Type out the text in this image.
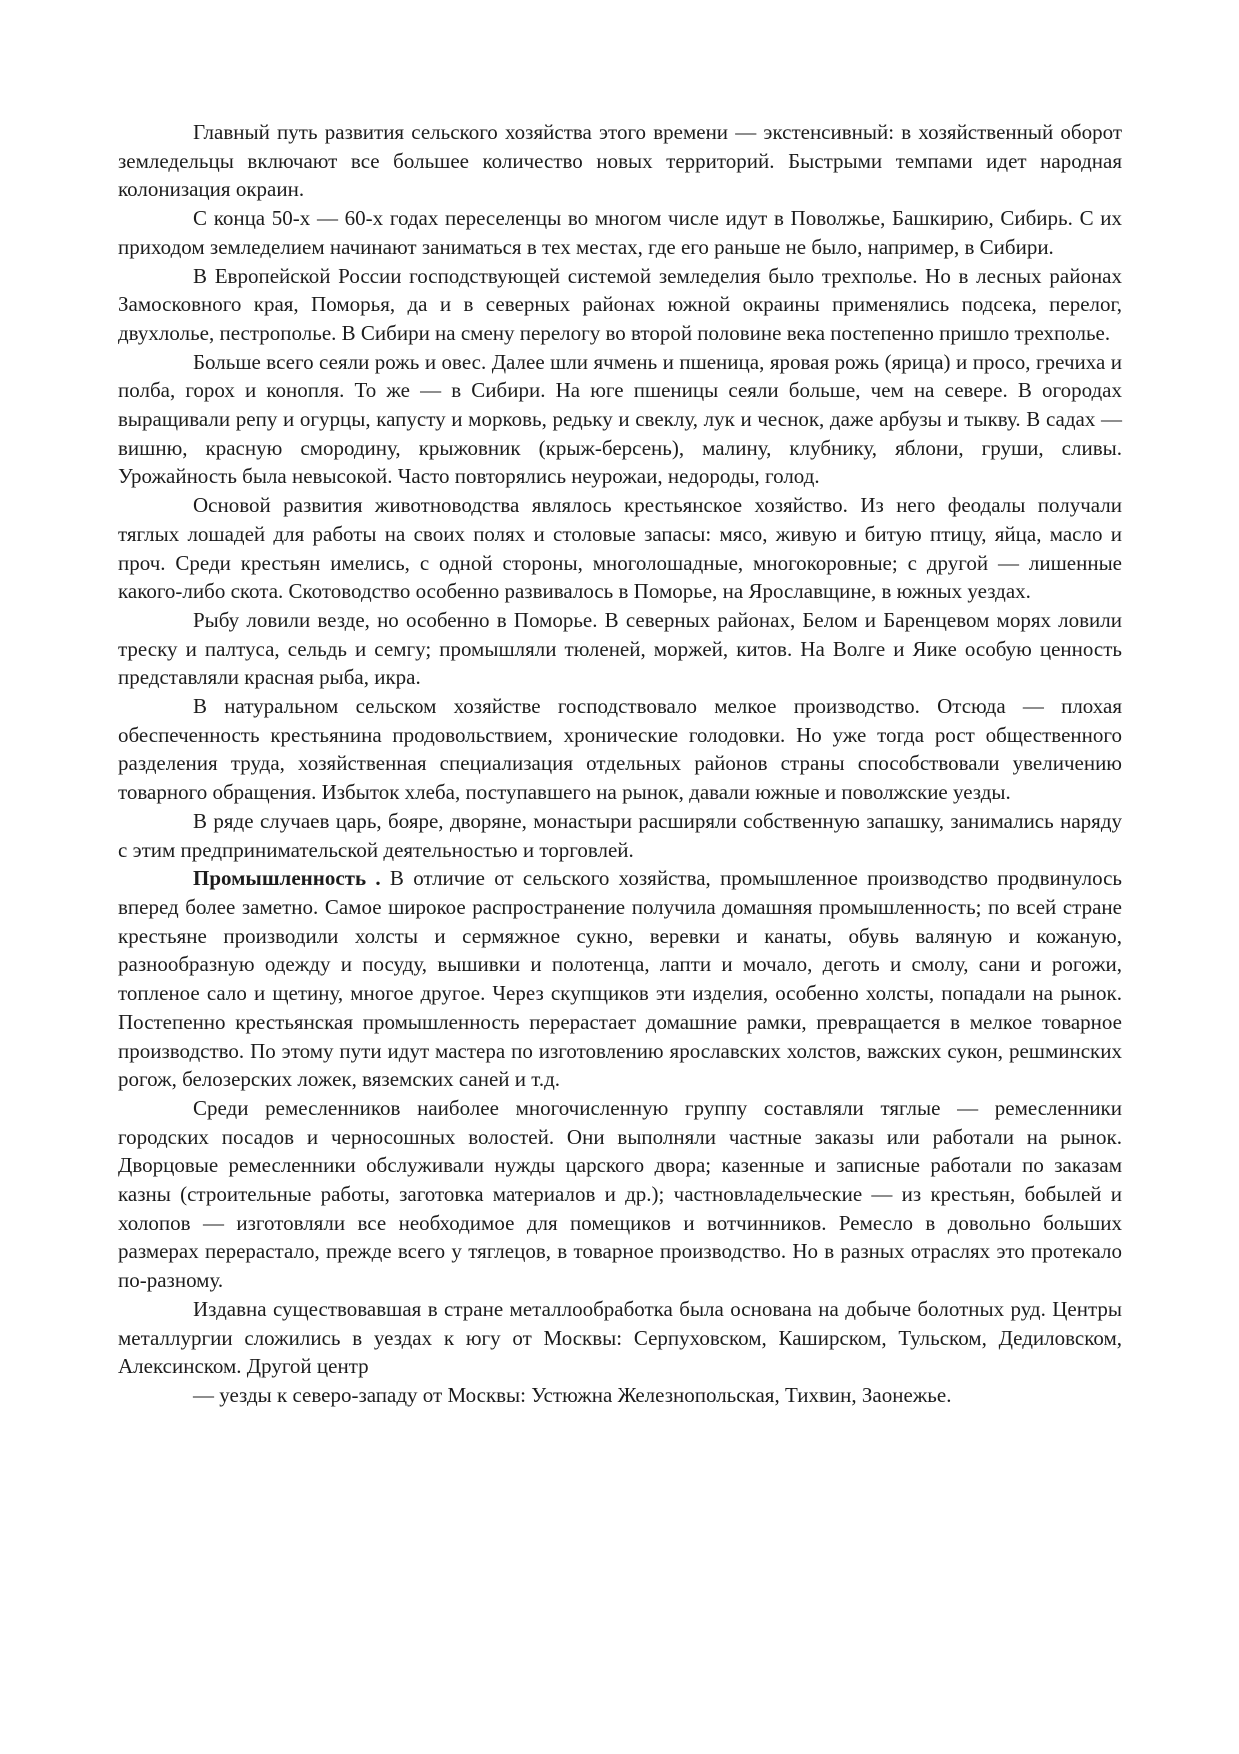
Главный путь развития сельского хозяйства этого времени — экстенсивный: в хозяйственный оборот земледельцы включают все большее количество новых территорий. Быстрыми темпами идет народная колонизация окраин.

С конца 50-х — 60-х годах переселенцы во многом числе идут в Поволжье, Башкирию, Сибирь. С их приходом земледелием начинают заниматься в тех местах, где его раньше не было, например, в Сибири.

В Европейской России господствующей системой земледелия было трехполье. Но в лесных районах Замосковного края, Поморья, да и в северных районах южной окраины применялись подсека, перелог, двухлолье, пестрополье. В Сибири на смену перелогу во второй половине века постепенно пришло трехполье.

Больше всего сеяли рожь и овес. Далее шли ячмень и пшеница, яровая рожь (ярица) и просо, гречиха и полба, горох и конопля. То же — в Сибири. На юге пшеницы сеяли больше, чем на севере. В огородах выращивали репу и огурцы, капусту и морковь, редьку и свеклу, лук и чеснок, даже арбузы и тыкву. В садах — вишню, красную смородину, крыжовник (крыж-берсень), малину, клубнику, яблони, груши, сливы. Урожайность была невысокой. Часто повторялись неурожаи, недороды, голод.

Основой развития животноводства являлось крестьянское хозяйство. Из него феодалы получали тяглых лошадей для работы на своих полях и столовые запасы: мясо, живую и битую птицу, яйца, масло и проч. Среди крестьян имелись, с одной стороны, многолошадные, многокоровные; с другой — лишенные какого-либо скота. Скотоводство особенно развивалось в Поморье, на Ярославщине, в южных уездах.

Рыбу ловили везде, но особенно в Поморье. В северных районах, Белом и Баренцевом морях ловили треску и палтуса, сельдь и семгу; промышляли тюленей, моржей, китов. На Волге и Яике особую ценность представляли красная рыба, икра.

В натуральном сельском хозяйстве господствовало мелкое производство. Отсюда — плохая обеспеченность крестьянина продовольствием, хронические голодовки. Но уже тогда рост общественного разделения труда, хозяйственная специализация отдельных районов страны способствовали увеличению товарного обращения. Избыток хлеба, поступавшего на рынок, давали южные и поволжские уезды.

В ряде случаев царь, бояре, дворяне, монастыри расширяли собственную запашку, занимались наряду с этим предпринимательской деятельностью и торговлей.

Промышленность . В отличие от сельского хозяйства, промышленное производство продвинулось вперед более заметно. Самое широкое распространение получила домашняя промышленность; по всей стране крестьяне производили холсты и сермяжное сукно, веревки и канаты, обувь валяную и кожаную, разнообразную одежду и посуду, вышивки и полотенца, лапти и мочало, деготь и смолу, сани и рогожи, топленое сало и щетину, многое другое. Через скупщиков эти изделия, особенно холсты, попадали на рынок. Постепенно крестьянская промышленность перерастает домашние рамки, превращается в мелкое товарное производство. По этому пути идут мастера по изготовлению ярославских холстов, важских сукон, решминских рогож, белозерских ложек, вяземских саней и т.д.

Среди ремесленников наиболее многочисленную группу составляли тяглые — ремесленники городских посадов и черносошных волостей. Они выполняли частные заказы или работали на рынок. Дворцовые ремесленники обслуживали нужды царского двора; казенные и записные работали по заказам казны (строительные работы, заготовка материалов и др.); частновладельческие — из крестьян, бобылей и холопов — изготовляли все необходимое для помещиков и вотчинников. Ремесло в довольно больших размерах перерастало, прежде всего у тяглецов, в товарное производство. Но в разных отраслях это протекало по-разному.

Издавна существовавшая в стране металлообработка была основана на добыче болотных руд. Центры металлургии сложились в уездах к югу от Москвы: Серпуховском, Каширском, Тульском, Дедиловском, Алексинском. Другой центр

— уезды к северо-западу от Москвы: Устюжна Железнопольская, Тихвин, Заонежье.
